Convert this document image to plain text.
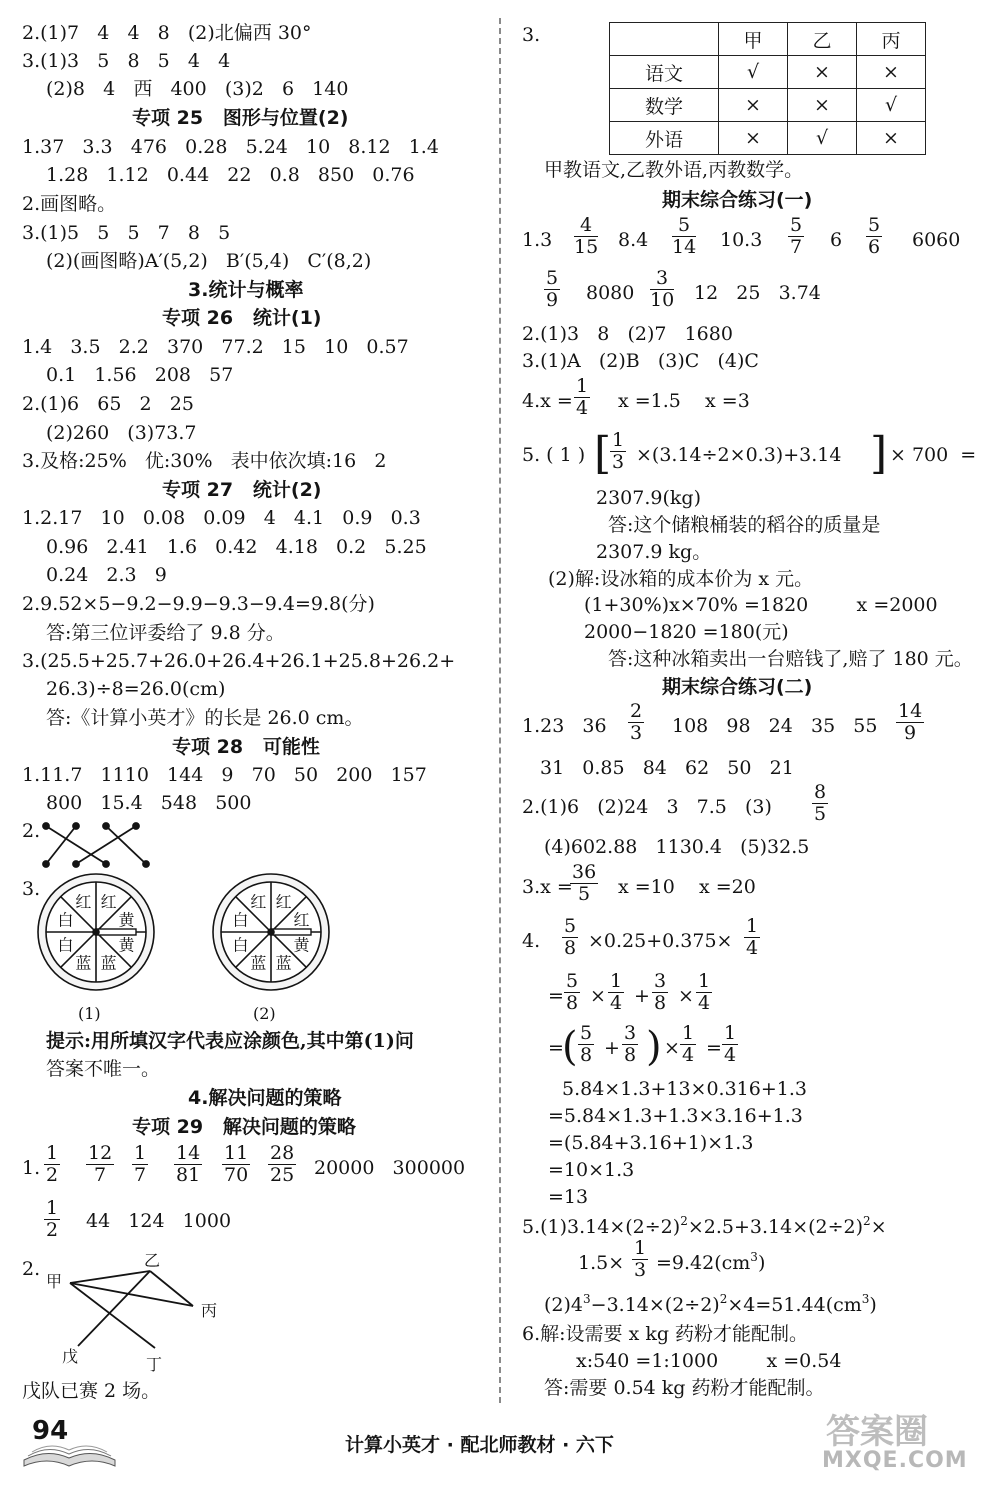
2.(1)7   4   4   8   (2)北偏西 30°
3.(1)3   5   8   5   4   4
(2)8   4   西   400   (3)2   6   140
专项 25   图形与位置(2)
1.37   3.3   476   0.28   5.24   10   8.12   1.4
1.28   1.12   0.44   22   0.8   850   0.76
2.画图略。
3.(1)5   5   5   7   8   5
(2)(画图略)A′(5,2)   B′(5,4)   C′(8,2)
3.统计与概率
专项 26   统计(1)
1.4   3.5   2.2   370   77.2   15   10   0.57
0.1   1.56   208   57
2.(1)6   65   2   25
(2)260   (3)73.7
3.及格:25%   优:30%   表中依次填:16   2
专项 27   统计(2)
1.2.17   10   0.08   0.09   4   4.1   0.9   0.3
0.96   2.41   1.6   0.42   4.18   0.2   5.25
0.24   2.3   9
2.9.52×5−9.2−9.9−9.3−9.4=9.8(分)
答:第三位评委给了 9.8 分。
3.(25.5+25.7+26.0+26.4+26.1+25.8+26.2+
26.3)÷8=26.0(cm)
答:《计算小英才》的长是 26.0 cm。
专项 28   可能性
1.11.7   1110   144   9   70   50   200   157
800   15.4   548   500
2.
3.
黄
黄
蓝
蓝
白
白
红 红
红
黄
蓝
蓝
白
白
红 红
(1)	(2)
提示:用所填汉字代表应涂颜色,其中第(1)问
答案不唯一。
4.解决问题的策略
专项 29   解决问题的策略
1. $\frac{1}{2} \frac{12}{7} \frac{1}{7} \frac{14}{81} \frac{11}{70} \frac{28}{25} 20000$   300000
$\frac{1}{2} 44$   124   1000
2.
甲
乙
丙
丁
戊
戊队已赛 2 场。
3.
		甲	乙	丙
语文	√	×	×
数学	×	×	√
外语	×	√	×
甲教语文,乙教外语,丙教数学。
期末综合练习(一)
$1.3 \frac{4}{15} 8.4 \frac{5}{14} 10.3 \frac{5}{7} 6 \frac{5}{6} 6060$
$\frac{5}{9} 8080 \frac{3}{10} 12$   25   3.74
2.(1)3   8   (2)7   1680
3.(1)A   (2)B   (3)C   (4)C
$4.x = \frac{1}{4}$ x =1.5    x =3
5. ( 1 ) [
$\frac{1}{3} \times(3.14\div 2\times 0.3)+3.14$ ] × 700  =
2307.9(kg)
答:这个储粮桶装的稻谷的质量是
2307.9 kg。
(2)解:设冰箱的成本价为 x 元。
(1+30%)x×70% =1820        x =2000
2000−1820 =180(元)
答:这种冰箱卖出一台赔钱了,赔了 180 元。
期末综合练习(二)
1.23   $36 \frac{2}{3} 108$   98   24   35   $55 \frac{14}{9}$
31   0.85   84   62   50   21
2.(1)6   (2)24   3   7.5   $(3) \frac{8}{5}$
(4)602.88   1130.4   (5)32.5
3.x =
$\frac{36}{5}$ x =10    x =20
4. $\frac{5}{8} \times 0.25+0.375\times \frac{1}{4}$
= $\frac{5}{8} \times \frac{1}{4} + \frac{3}{8} \times \frac{1}{4}$
=
( $\frac{5}{8} + \frac{3}{8}$ ) × $\frac{1}{4} = \frac{1}{4}$
5.84×1.3+13×0.316+1.3
=5.84×1.3+1.3×3.16+1.3
=(5.84+3.16+1)×1.3
=10×1.3
=13
$5.(1)3.14\times(2\div 2)^2\times 2.5+3.14\times(2\div 2)^2\times$
$1.5\times \frac{1}{3} =9.42(cm^3)$
$(2)4^3-3.14\times(2\div 2)^2\times 4=51.44(cm^3)$
6.解:设需要 x kg 药粉才能配制。
x:540 =1:1000        x =0.54
答:需要 0.54 kg 药粉才能配制。
94	计算小英才 · 配北师教材 · 六下	答案圈
MXQE.COM
